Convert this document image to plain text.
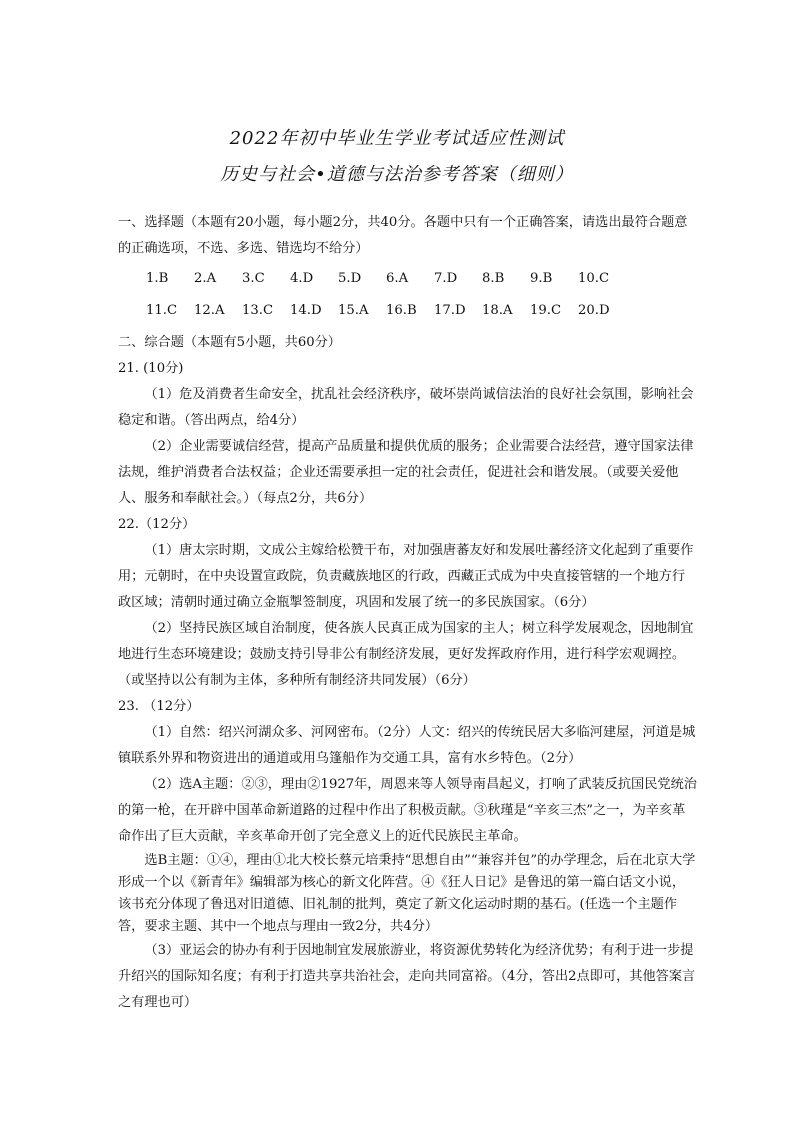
2022年初中毕业生学业考试适应性测试
历史与社会•道德与法治参考答案（细则）

一、选择题（本题有20小题，每小题2分，共40分。各题中只有一个正确答案，请选出最符合题意的正确选项，不选、多选、错选均不给分）

1.B	2.A	3.C	4.D	5.D	6.A	7.D	8.B	9.B	10.C
11.C	12.A	13.C	14.D	15.A	16.B	17.D	18.A	19.C	20.D

二、综合题（本题有5小题，共60分）

21. (10分)

（1）危及消费者生命安全，扰乱社会经济秩序，破坏崇尚诚信法治的良好社会氛围，影响社会稳定和谐。（答出两点，给4分）

（2）企业需要诚信经营，提高产品质量和提供优质的服务；企业需要合法经营，遵守国家法律法规，维护消费者合法权益；企业还需要承担一定的社会责任，促进社会和谐发展。（或要关爱他人、服务和奉献社会。）（每点2分，共6分）

22.（12分）

（1）唐太宗时期，文成公主嫁给松赞干布，对加强唐蕃友好和发展吐蕃经济文化起到了重要作用；元朝时，在中央设置宣政院，负责藏族地区的行政，西藏正式成为中央直接管辖的一个地方行政区域；清朝时通过确立金瓶掣签制度，巩固和发展了统一的多民族国家。（6分）

（2）坚持民族区域自治制度，使各族人民真正成为国家的主人；树立科学发展观念，因地制宜地进行生态环境建设；鼓励支持引导非公有制经济发展，更好发挥政府作用，进行科学宏观调控。（或坚持以公有制为主体，多种所有制经济共同发展）（6分）

23. （12分）

（1）自然：绍兴河湖众多、河网密布。（2分）人文：绍兴的传统民居大多临河建屋，河道是城镇联系外界和物资进出的通道或用乌篷船作为交通工具，富有水乡特色。（2分）

（2）选A主题：②③，理由②1927年，周恩来等人领导南昌起义，打响了武装反抗国民党统治的第一枪，在开辟中国革命新道路的过程中作出了积极贡献。③秋瑾是“辛亥三杰”之一，为辛亥革命作出了巨大贡献，辛亥革命开创了完全意义上的近代民族民主革命。

选B主题：①④，理由①北大校长蔡元培秉持“思想自由”“兼容并包”的办学理念，后在北京大学形成一个以《新青年》编辑部为核心的新文化阵营。④《狂人日记》是鲁迅的第一篇白话文小说，该书充分体现了鲁迅对旧道德、旧礼制的批判，奠定了新文化运动时期的基石。(任选一个主题作答，要求主题、其中一个地点与理由一致2分，共4分）

（3）亚运会的协办有利于因地制宜发展旅游业，将资源优势转化为经济优势；有利于进一步提升绍兴的国际知名度；有利于打造共享共治社会，走向共同富裕。（4分，答出2点即可，其他答案言之有理也可）
